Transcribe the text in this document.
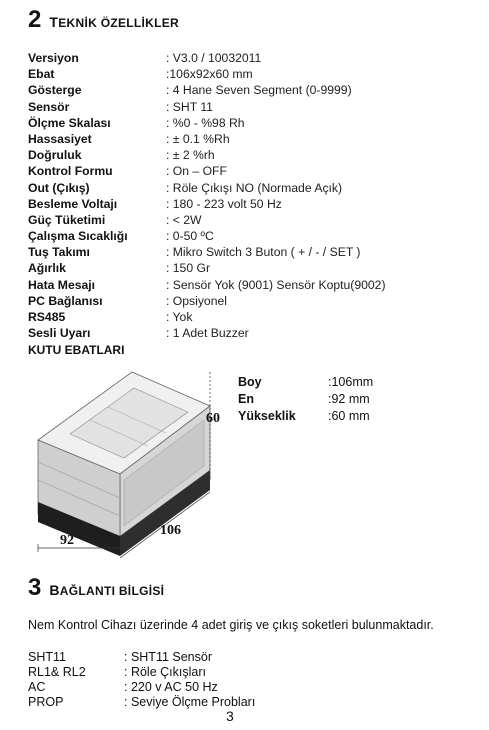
2 TEKNİK ÖZELLİKLER
Versiyon	: V3.0 / 10032011
Ebat	:106x92x60 mm
Gösterge	: 4 Hane Seven Segment (0-9999)
Sensör	: SHT 11
Ölçme Skalası	: %0 - %98 Rh
Hassasiyet	: ± 0.1 %Rh
Doğruluk	: ± 2 %rh
Kontrol Formu	: On – OFF
Out (Çıkış)	: Röle Çıkışı NO (Normade Açık)
Besleme Voltajı	: 180 - 223 volt 50 Hz
Güç Tüketimi	: < 2W
Çalışma Sıcaklığı	: 0-50 ºC
Tuş Takımı	: Mikro Switch 3 Buton ( + / - / SET )
Ağırlık	: 150 Gr
Hata Mesajı	: Sensör Yok (9001) Sensör Koptu(9002)
PC Bağlanısı	: Opsiyonel
RS485	: Yok
Sesli Uyarı	: 1 Adet Buzzer
KUTU EBATLARI
60
106
92
Boy	:106mm
En	:92 mm
Yükseklik	:60 mm
3 BAĞLANTI BİLGİSİ
Nem Kontrol Cihazı üzerinde 4 adet giriş ve çıkış soketleri bulunmaktadır.
SHT11	: SHT11 Sensör
RL1& RL2	: Röle Çıkışları
AC	: 220 v AC 50 Hz
PROP	: Seviye Ölçme Probları
3
